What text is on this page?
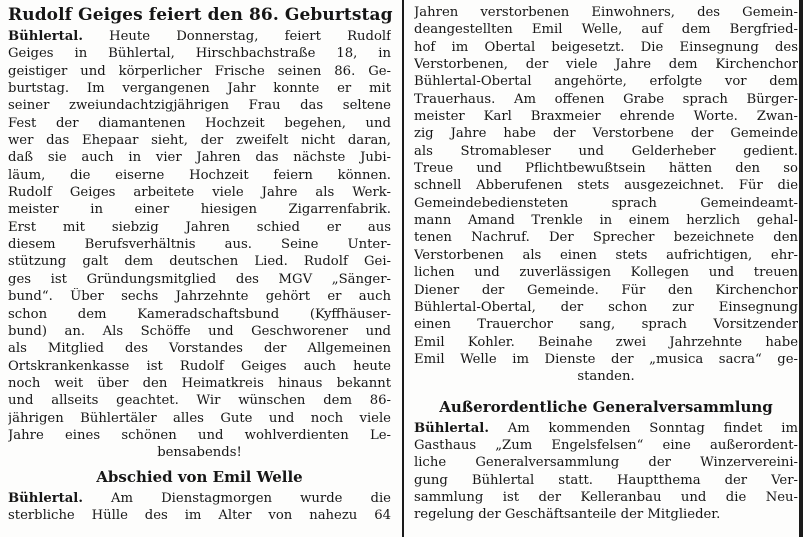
Rudolf Geiges feiert den 86. Geburtstag
Bühlertal. Heute Donnerstag, feiert Rudolf
Geiges in Bühlertal, Hirschbachstraße 18, in
geistiger und körperlicher Frische seinen 86. Ge-
burtstag. Im vergangenen Jahr konnte er mit
seiner zweiundachtzigjährigen Frau das seltene
Fest der diamantenen Hochzeit begehen, und
wer das Ehepaar sieht, der zweifelt nicht daran,
daß sie auch in vier Jahren das nächste Jubi-
läum, die eiserne Hochzeit feiern können.
Rudolf Geiges arbeitete viele Jahre als Werk-
meister in einer hiesigen Zigarrenfabrik.
Erst mit siebzig Jahren schied er aus
diesem Berufsverhältnis aus. Seine Unter-
stützung galt dem deutschen Lied. Rudolf Gei-
ges ist Gründungsmitglied des MGV „Sänger-
bund“. Über sechs Jahrzehnte gehört er auch
schon dem Kameradschaftsbund (Kyffhäuser-
bund) an. Als Schöffe und Geschworener und
als Mitglied des Vorstandes der Allgemeinen
Ortskrankenkasse ist Rudolf Geiges auch heute
noch weit über den Heimatkreis hinaus bekannt
und allseits geachtet. Wir wünschen dem 86-
jährigen Bühlertäler alles Gute und noch viele
Jahre eines schönen und wohlverdienten Le-
bensabends!
Abschied von Emil Welle
Bühlertal. Am Dienstagmorgen wurde die
sterbliche Hülle des im Alter von nahezu 64
Jahren verstorbenen Einwohners, des Gemein-
deangestellten Emil Welle, auf dem Bergfried-
hof im Obertal beigesetzt. Die Einsegnung des
Verstorbenen, der viele Jahre dem Kirchenchor
Bühlertal-Obertal angehörte, erfolgte vor dem
Trauerhaus. Am offenen Grabe sprach Bürger-
meister Karl Braxmeier ehrende Worte. Zwan-
zig Jahre habe der Verstorbene der Gemeinde
als Stromableser und Gelderheber gedient.
Treue und Pflichtbewußtsein hätten den so
schnell Abberufenen stets ausgezeichnet. Für die
Gemeindebediensteten sprach Gemeindeamt-
mann Amand Trenkle in einem herzlich gehal-
tenen Nachruf. Der Sprecher bezeichnete den
Verstorbenen als einen stets aufrichtigen, ehr-
lichen und zuverlässigen Kollegen und treuen
Diener der Gemeinde. Für den Kirchenchor
Bühlertal-Obertal, der schon zur Einsegnung
einen Trauerchor sang, sprach Vorsitzender
Emil Kohler. Beinahe zwei Jahrzehnte habe
Emil Welle im Dienste der „musica sacra“ ge-
standen.
Außerordentliche Generalversammlung
Bühlertal. Am kommenden Sonntag findet im
Gasthaus „Zum Engelsfelsen“ eine außerordent-
liche Generalversammlung der Winzervereini-
gung Bühlertal statt. Hauptthema der Ver-
sammlung ist der Kelleranbau und die Neu-
regelung der Geschäftsanteile der Mitglieder.
